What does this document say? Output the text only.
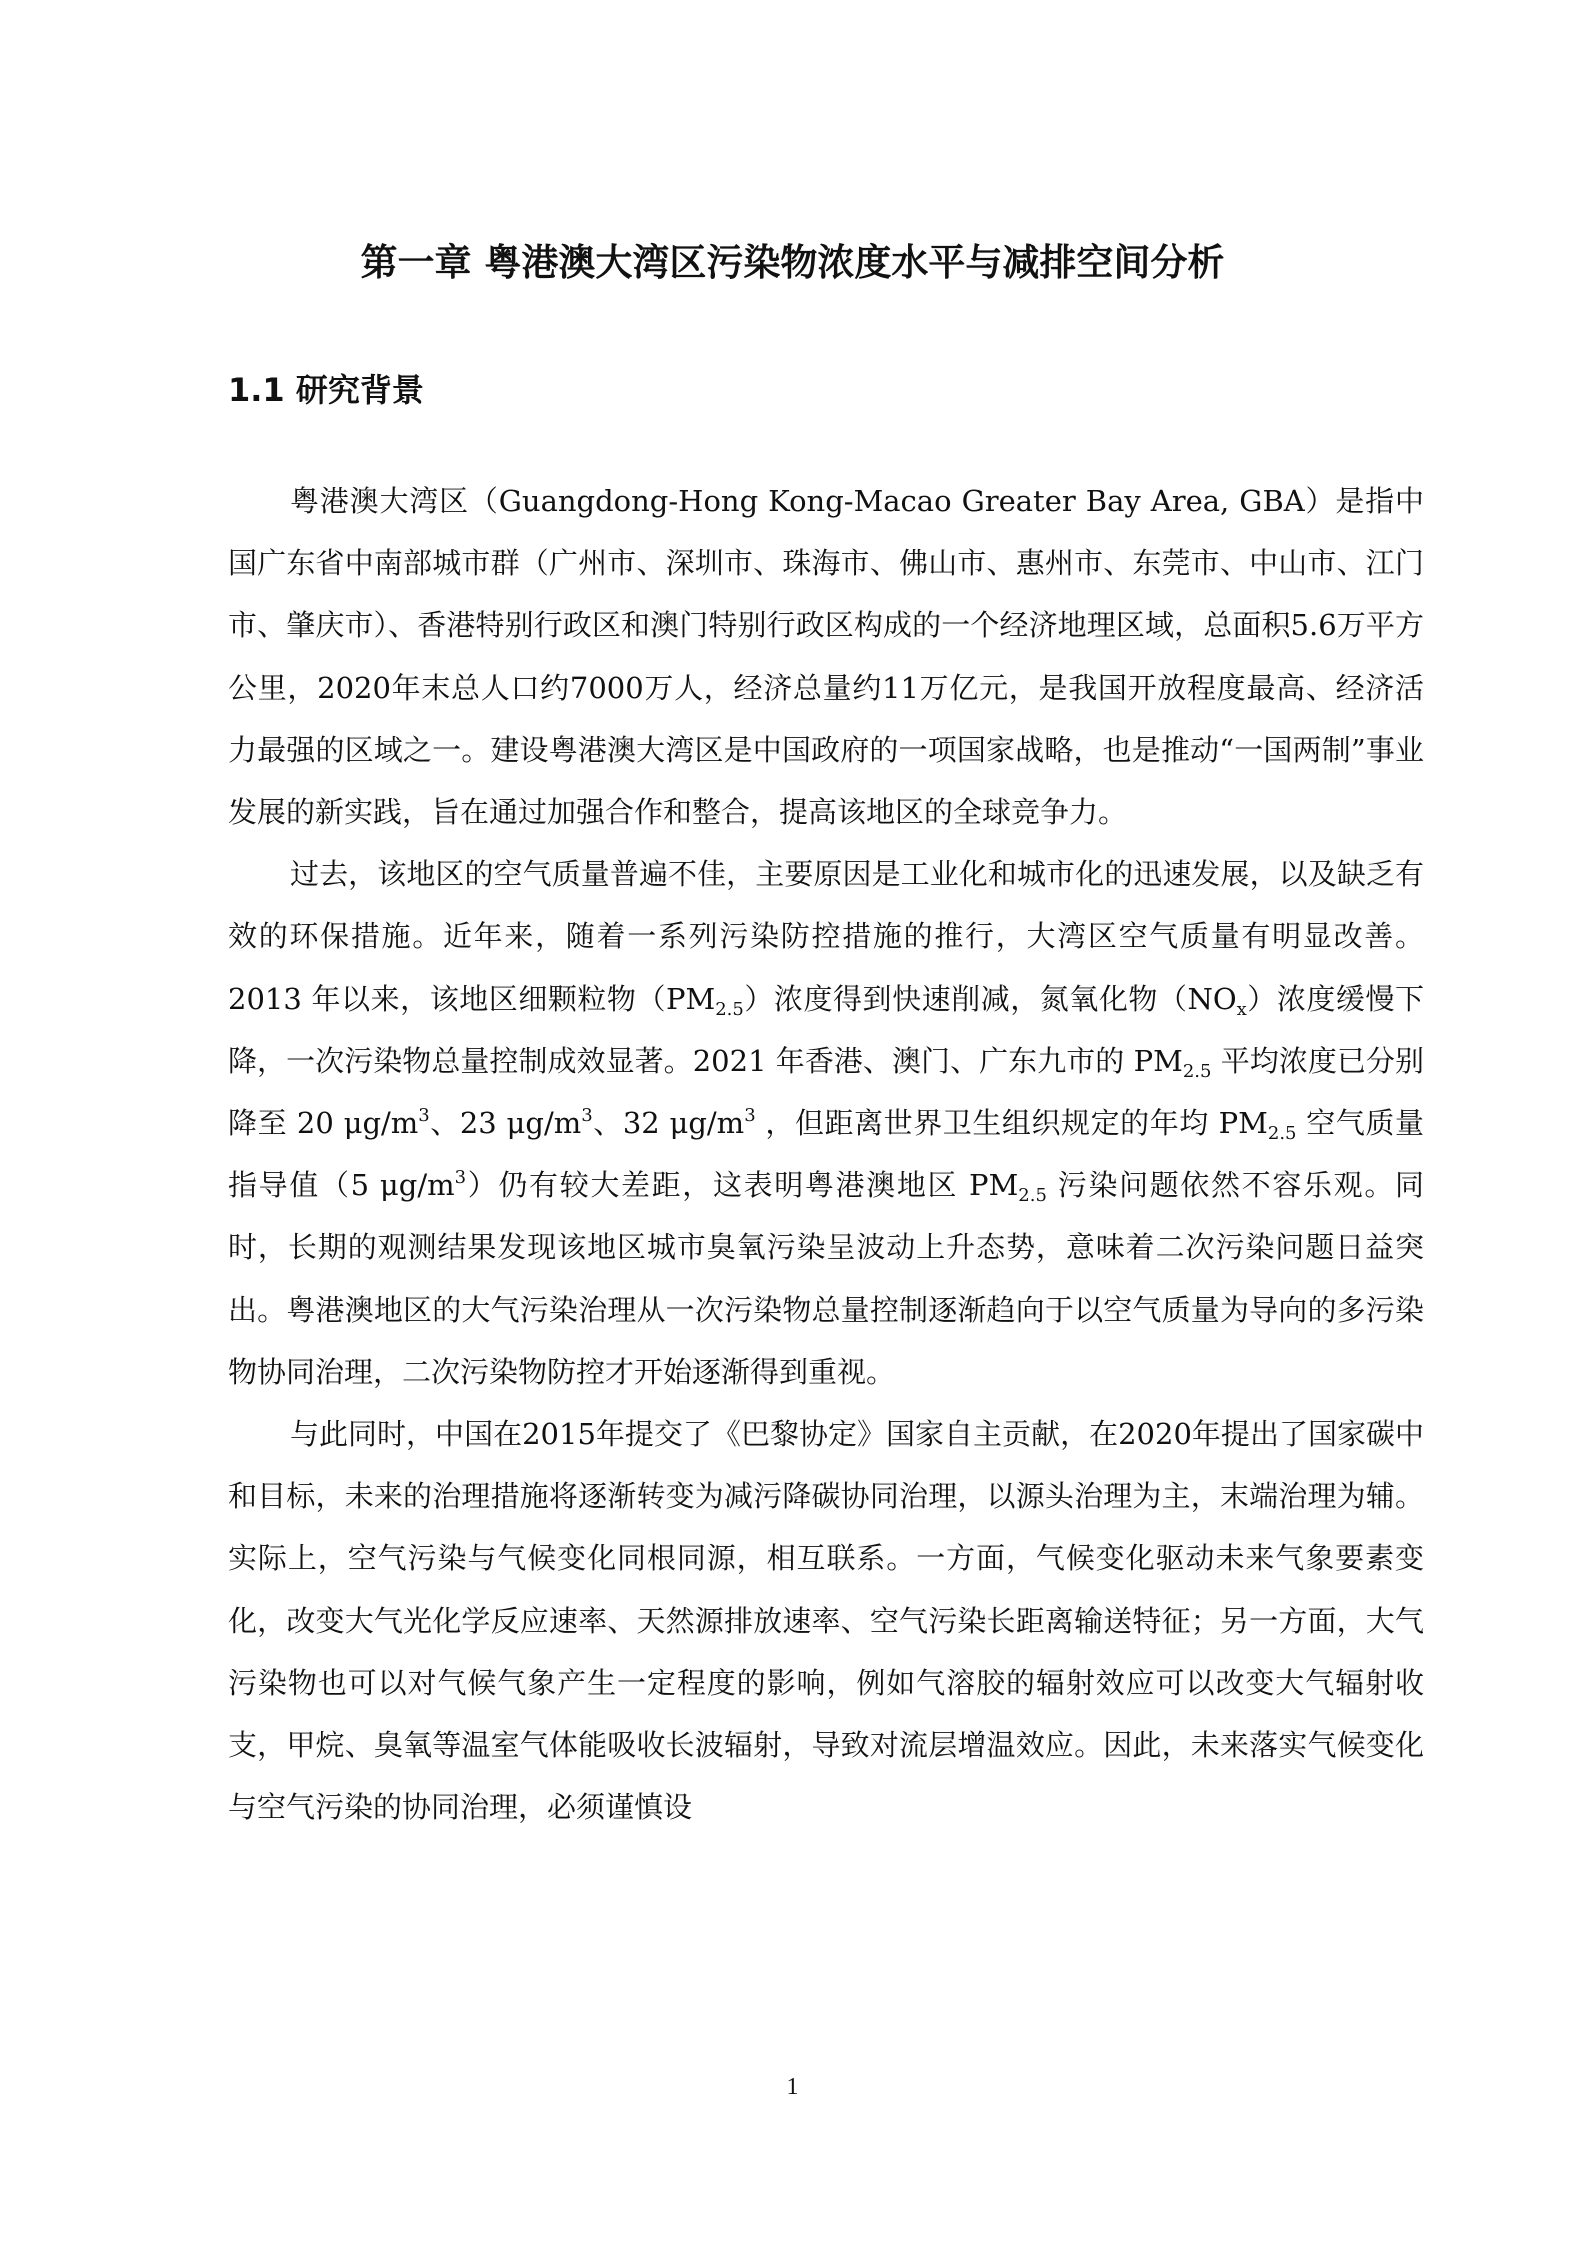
第一章 粤港澳大湾区污染物浓度水平与减排空间分析
1.1 研究背景

粤港澳大湾区（Guangdong-Hong Kong-Macao Greater Bay Area, GBA）是指中国广东省中南部城市群（广州市、深圳市、珠海市、佛山市、惠州市、东莞市、中山市、江门市、肇庆市）、香港特别行政区和澳门特别行政区构成的一个经济地理区域，总面积5.6万平方公里，2020年末总人口约7000万人，经济总量约11万亿元，是我国开放程度最高、经济活力最强的区域之一。建设粤港澳大湾区是中国政府的一项国家战略，也是推动“一国两制”事业发展的新实践，旨在通过加强合作和整合，提高该地区的全球竞争力。

过去，该地区的空气质量普遍不佳，主要原因是工业化和城市化的迅速发展，以及缺乏有效的环保措施。近年来，随着一系列污染防控措施的推行，大湾区空气质量有明显改善。2013 年以来，该地区细颗粒物$(PM_{2.5})$浓度得到快速削减，氮氧化物$(NO_x)$浓度缓慢下降，一次污染物总量控制成效显著。2021 年香港、澳门、广东九市的 $PM_{2.5}$ 平均浓度已分别降至 20 $\mu g/m^3$、23 $\mu g/m^3$、32 $\mu g/m^3$ ，但距离世界卫生组织规定的年均 $PM_{2.5}$ 空气质量指导值（5 $\mu g/m^3$）仍有较大差距，这表明粤港澳地区 $PM_{2.5}$ 污染问题依然不容乐观。同时，长期的观测结果发现该地区城市臭氧污染呈波动上升态势，意味着二次污染问题日益突出。粤港澳地区的大气污染治理从一次污染物总量控制逐渐趋向于以空气质量为导向的多污染物协同治理，二次污染物防控才开始逐渐得到重视。

与此同时，中国在2015年提交了《巴黎协定》国家自主贡献，在2020年提出了国家碳中和目标，未来的治理措施将逐渐转变为减污降碳协同治理，以源头治理为主，末端治理为辅。实际上，空气污染与气候变化同根同源，相互联系。一方面，气候变化驱动未来气象要素变化，改变大气光化学反应速率、天然源排放速率、空气污染长距离输送特征；另一方面，大气污染物也可以对气候气象产生一定程度的影响，例如气溶胶的辐射效应可以改变大气辐射收支，甲烷、臭氧等温室气体能吸收长波辐射，导致对流层增温效应。因此，未来落实气候变化与空气污染的协同治理，必须谨慎设

1
